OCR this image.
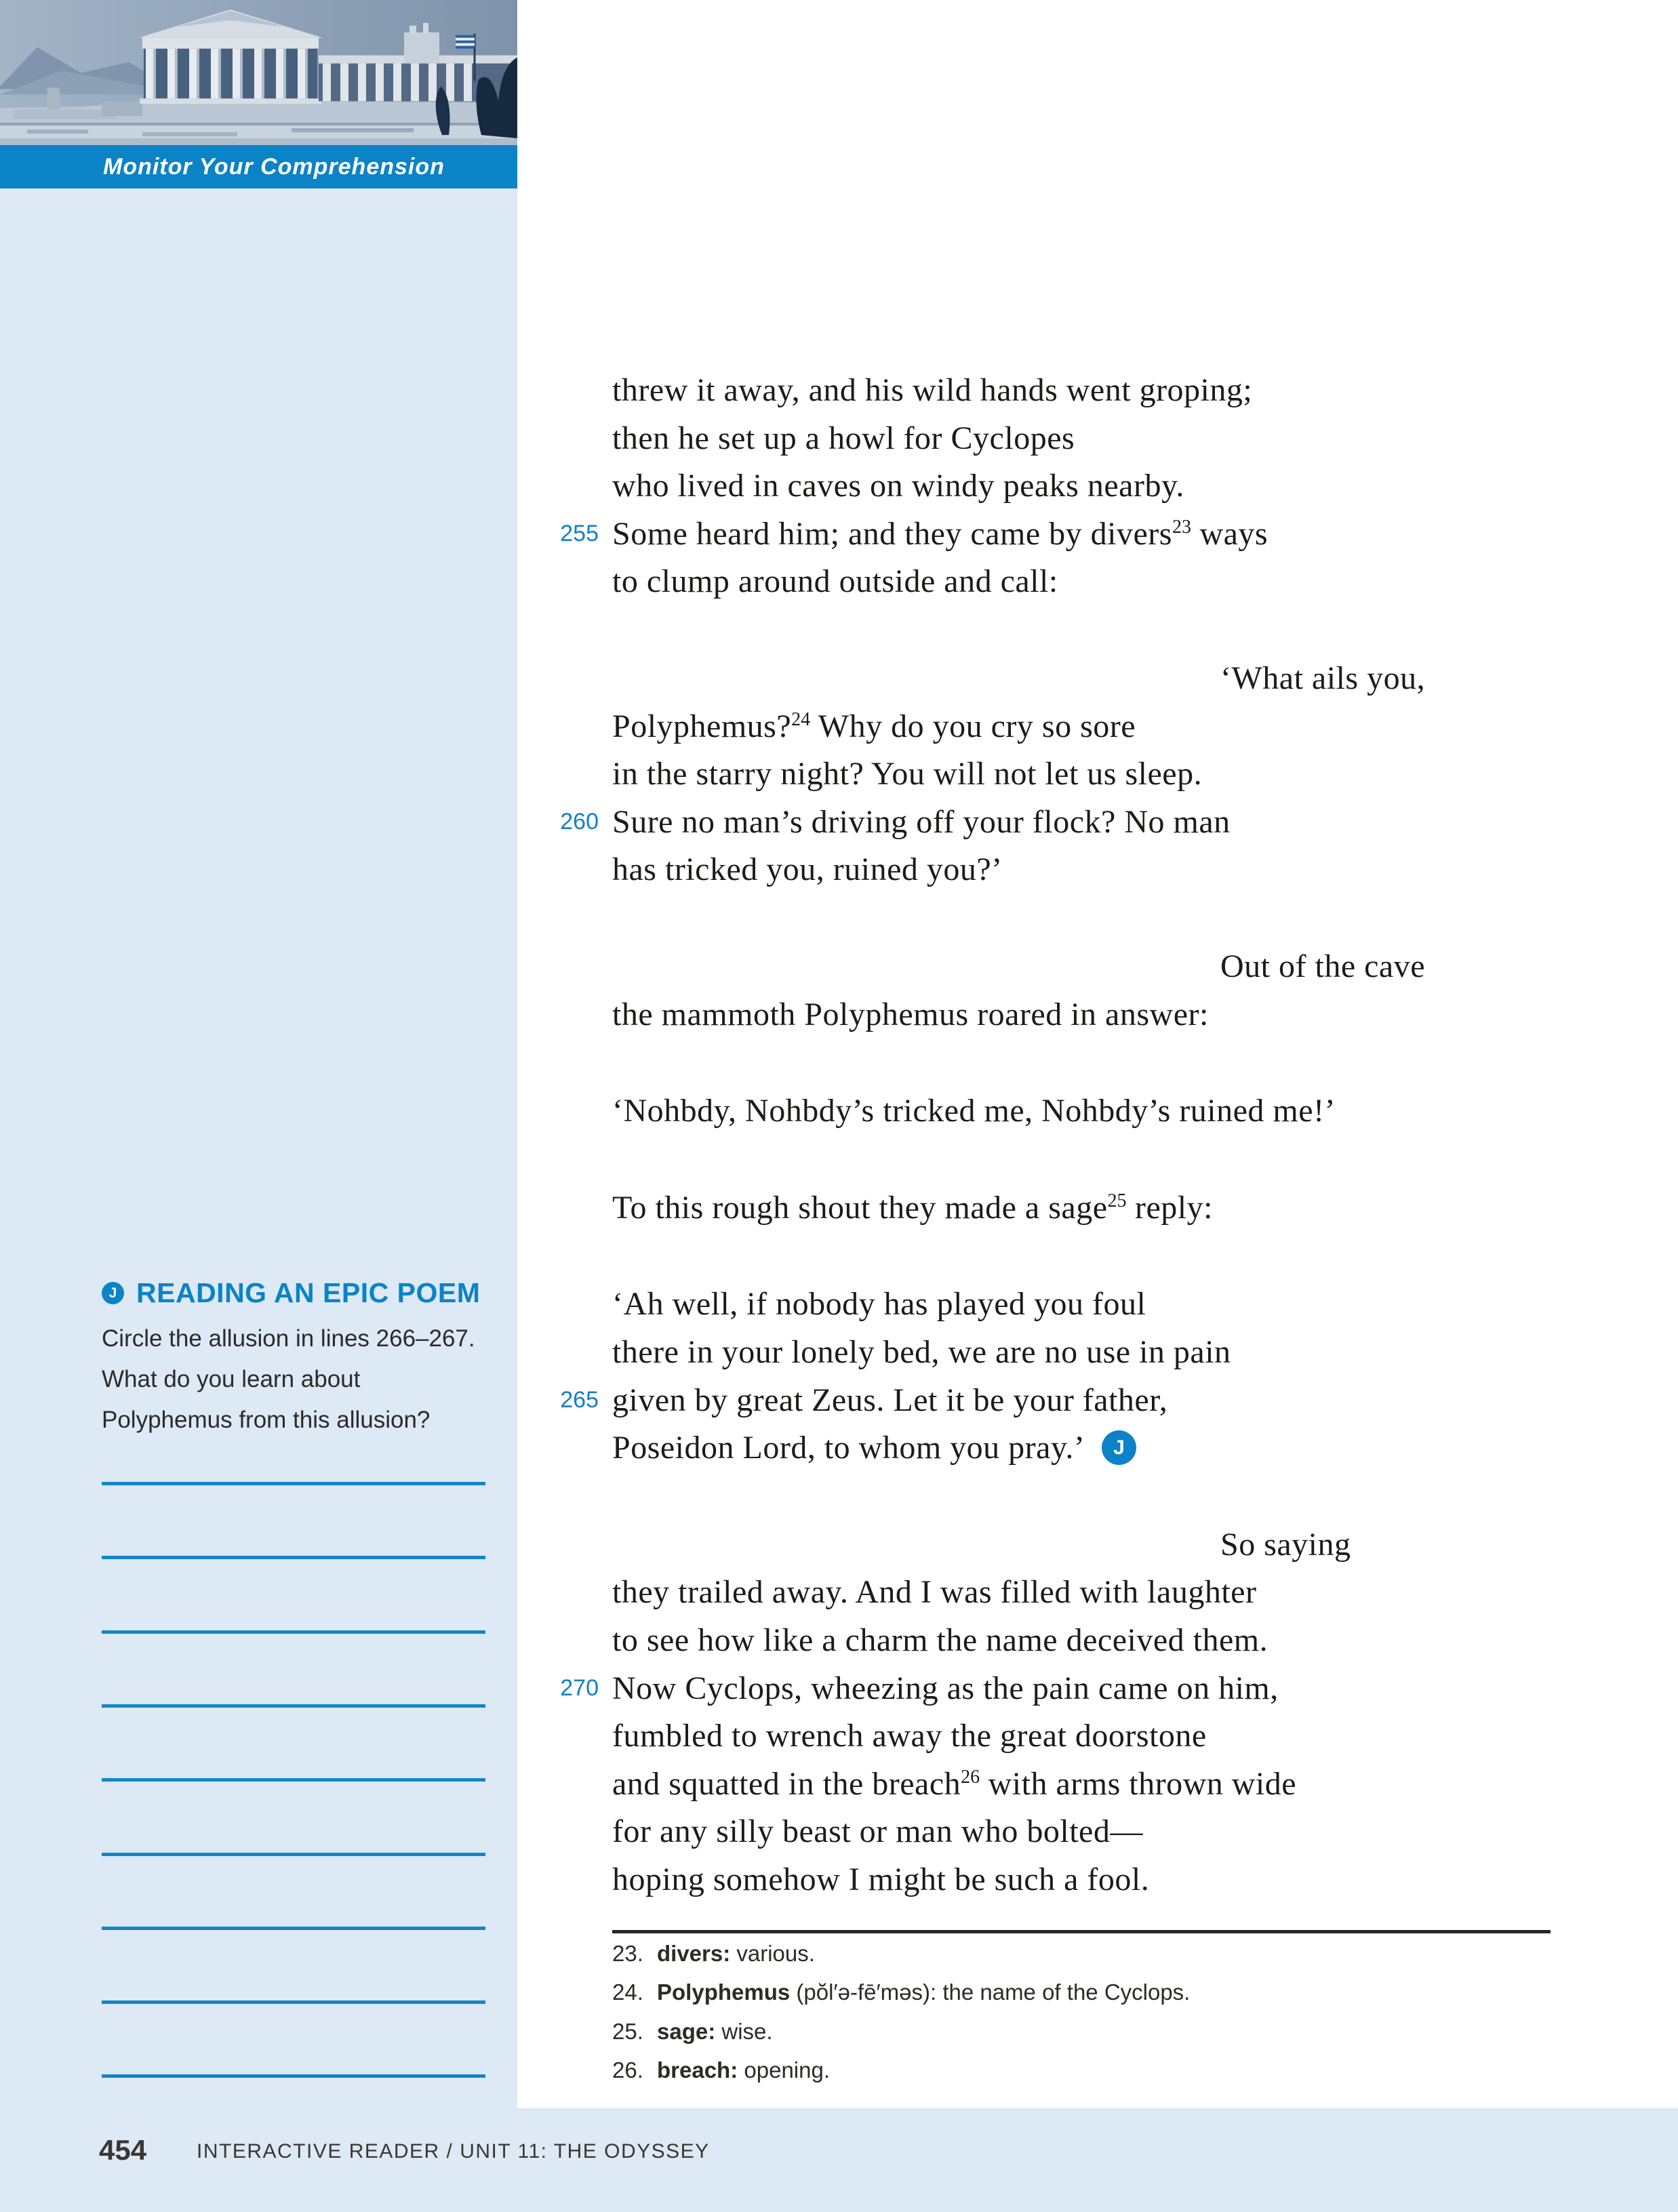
Monitor Your Comprehension
J READING AN EPIC POEM
Circle the allusion in lines 266–267.
What do you learn about
Polyphemus from this allusion?
threw it away, and his wild hands went groping;
then he set up a howl for Cyclopes
who lived in caves on windy peaks nearby.
255 Some heard him; and they came by divers$^{23}$ ways
to clump around outside and call:
‘What ails you,
Polyphemus?$^{24}$ Why do you cry so sore
in the starry night? You will not let us sleep.
260 Sure no man’s driving off your flock? No man
has tricked you, ruined you?’
Out of the cave
the mammoth Polyphemus roared in answer:
‘Nohbdy, Nohbdy’s tricked me, Nohbdy’s ruined me!’
To this rough shout they made a sage$^{25}$ reply:
‘Ah well, if nobody has played you foul
there in your lonely bed, we are no use in pain
265 given by great Zeus. Let it be your father,
Poseidon Lord, to whom you pray.’ J
So saying
they trailed away. And I was filled with laughter
to see how like a charm the name deceived them.
270 Now Cyclops, wheezing as the pain came on him,
fumbled to wrench away the great doorstone
and squatted in the breach$^{26}$ with arms thrown wide
for any silly beast or man who bolted—
hoping somehow I might be such a fool.
23. divers: various.
24. Polyphemus (pŏl′ə-fē′məs): the name of the Cyclops.
25. sage: wise.
26. breach: opening.
454 INTERACTIVE READER / UNIT 11: THE ODYSSEY
